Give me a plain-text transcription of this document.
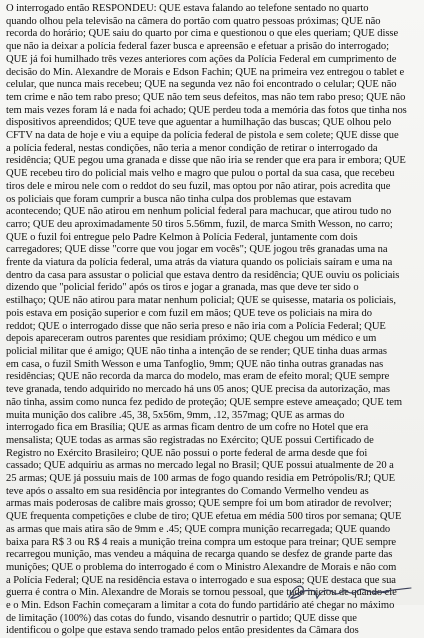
O interrogado então RESPONDEU: QUE estava falando ao telefone sentado no quarto
quando olhou pela televisão na câmera do portão com quatro pessoas próximas; QUE não
recorda do horário; QUE saiu do quarto por cima e questionou o que eles queriam; QUE disse
que não ia deixar a polícia federal fazer busca e apreensão e efetuar a prisão do interrogado;
QUE já foi humilhado três vezes anteriores com ações da Polícia Federal em cumprimento de
decisão do Min. Alexandre de Morais e Edson Fachin; QUE na primeira vez entregou o tablet e
celular, que nunca mais recebeu; QUE na segunda vez não foi encontrado o celular; QUE não
tem crime e não tem rabo preso; QUE não tem seus defeitos, mas não tem rabo preso; QUE não
tem mais vezes foram lá e nada foi achado; QUE perdeu toda a memória das fotos que tinha nos
dispositivos apreendidos; QUE teve que aguentar a humilhação das buscas; QUE olhou pelo
CFTV na data de hoje e viu a equipe da polícia federal de pistola e sem colete; QUE disse que
a polícia federal, nestas condições, não teria a menor condição de retirar o interrogado da
residência; QUE pegou uma granada e disse que não iria se render que era para ir embora; QUE
QUE recebeu tiro do policial mais velho e magro que pulou o portal da sua casa, que recebeu
tiros dele e mirou nele com o reddot do seu fuzil, mas optou por não atirar, pois acredita que
os policiais que foram cumprir a busca não tinha culpa dos problemas que estavam
acontecendo; QUE não atirou em nenhum policial federal para machucar, que atirou tudo no
carro; QUE deu aproximadamente 50 tiros 5.56mm, fuzil, de marca Smith Wesson, no carro;
QUE o fuzil foi entregue pelo Padre Kelmon à Polícia Federal, juntamente com dois
carregadores; QUE disse "corre que vou jogar em vocês"; QUE jogou três granadas uma na
frente da viatura da polícia federal, uma atrás da viatura quando os policiais saíram e uma na
dentro da casa para assustar o policial que estava dentro da residência; QUE ouviu os policiais
dizendo que "policial ferido" após os tiros e jogar a granada, mas que deve ter sido o
estilhaço; QUE não atirou para matar nenhum policial; QUE se quisesse, mataria os policiais,
pois estava em posição superior e com fuzil em mãos; QUE teve os policiais na mira do
reddot; QUE o interrogado disse que não seria preso e não iria com a Polícia Federal; QUE
depois apareceram outros parentes que residiam próximo; QUE chegou um médico e um
policial militar que é amigo; QUE não tinha a intenção de se render; QUE tinha duas armas
em casa, o fuzil Smith Wesson e uma Tanfoglio, 9mm; QUE não tinha outras granadas nas
residências; QUE não recorda da marca do modelo, mas eram de efeito moral; QUE sempre
teve granada, tendo adquirido no mercado há uns 05 anos; QUE precisa da autorização, mas
não tinha, assim como nunca fez pedido de proteção; QUE sempre esteve ameaçado; QUE tem
muita munição dos calibre .45, 38, 5x56m, 9mm, .12, 357mag; QUE as armas do
interrogado fica em Brasília; QUE as armas ficam dentro de um cofre no Hotel que era
mensalista; QUE todas as armas são registradas no Exército; QUE possui Certificado de
Registro no Exército Brasileiro; QUE não possui o porte federal de arma desde que foi
cassado; QUE adquiriu as armas no mercado legal no Brasil; QUE possui atualmente de 20 a
25 armas; QUE já possuiu mais de 100 armas de fogo quando residia em Petrópolis/RJ; QUE
teve após o assalto em sua residência por integrantes do Comando Vermelho vendeu as
armas mais poderosas de calibre mais grosso; QUE sempre foi um bom atirador de revolver;
QUE frequenta competições e clube de tiro; QUE efetua em média 500 tiros por semana; QUE
as armas que mais atira são de 9mm e .45; QUE compra munição recarregada; QUE quando
baixa para R$ 3 ou R$ 4 reais a munição treina compra um estoque para treinar; QUE sempre
recarregou munição, mas vendeu a máquina de recarga quando se desfez de grande parte das
munições; QUE o problema do interrogado é com o Ministro Alexandre de Morais e não com
a Polícia Federal; QUE na residência estava o interrogado e sua esposa; QUE destaca que sua
guerra é contra o Min. Alexandre de Morais se tornou pessoal, que tudo iniciou de quando ele
e o Min. Edson Fachin começaram a limitar a cota do fundo partidário até chegar no máximo
de limitação (100%) das cotas do fundo, visando desnutrir o partido; QUE disse que
identificou o golpe que estava sendo tramado pelos então presidentes da Câmara dos
